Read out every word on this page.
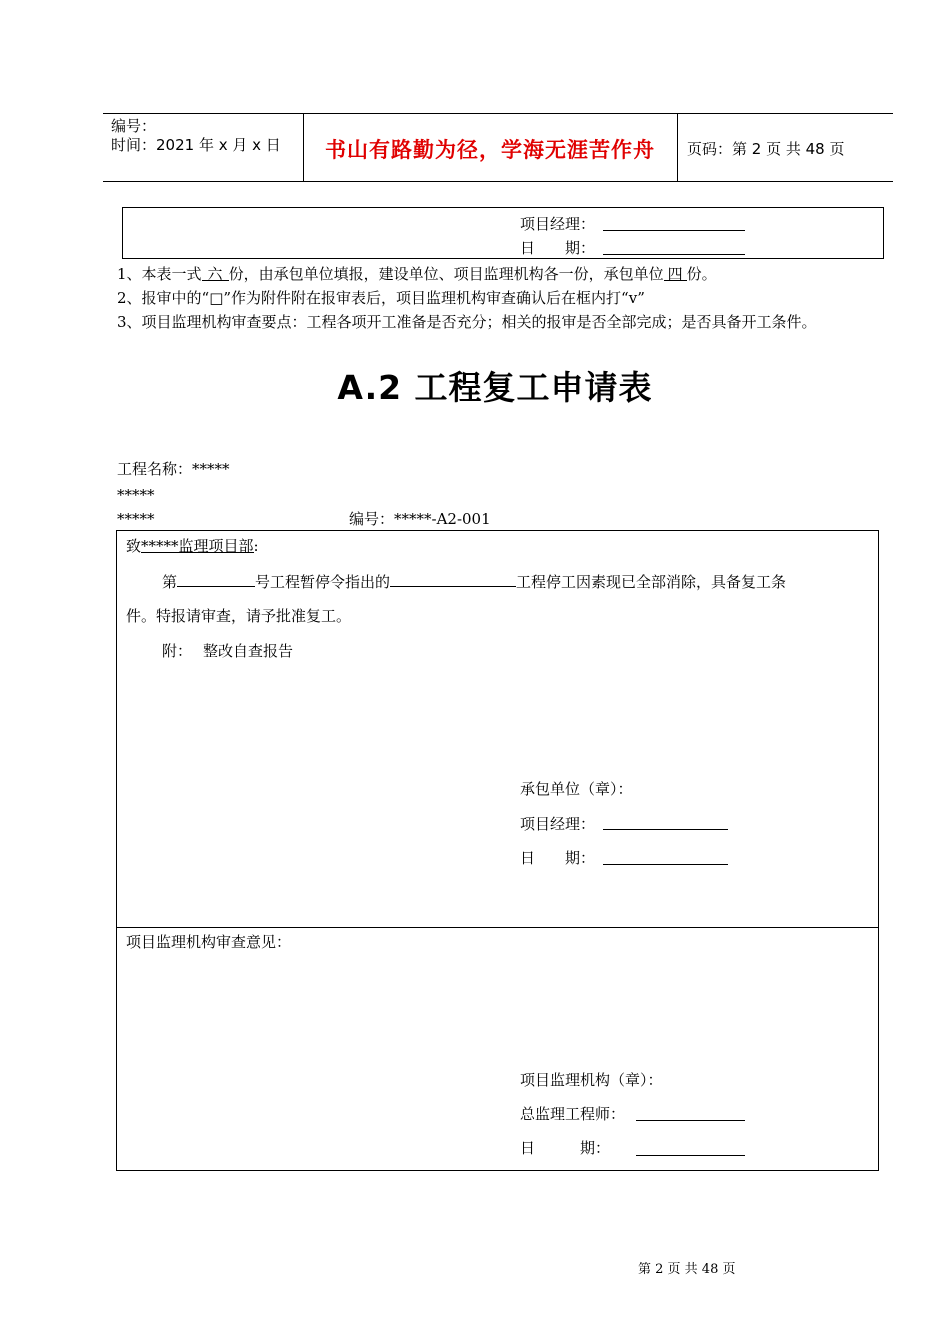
编号：
时间：2021 年 x 月 x 日 书山有路勤为径，学海无涯苦作舟 页码：第 2 页 共 48 页
项目经理：
日　　期：
1、本表一式 六 份，由承包单位填报，建设单位、项目监理机构各一份，承包单位 四 份。
2、报审中的“□”作为附件附在报审表后，项目监理机构审查确认后在框内打“v”
3、项目监理机构审查要点：工程各项开工准备是否充分；相关的报审是否全部完成；是否具备开工条件。
A.2 工程复工申请表
工程名称：*****
*****
*****	编号：*****-A2-001
致*****监理项目部:
第	号工程暂停令指出的	工程停工因素现已全部消除，具备复工条
件。特报请审查，请予批准复工。
附： 整改自查报告
承包单位（章）：
项目经理：
日　　期：
项目监理机构审查意见：
项目监理机构（章）：
总监理工程师：
日　　　期：
第 2 页 共 48 页
